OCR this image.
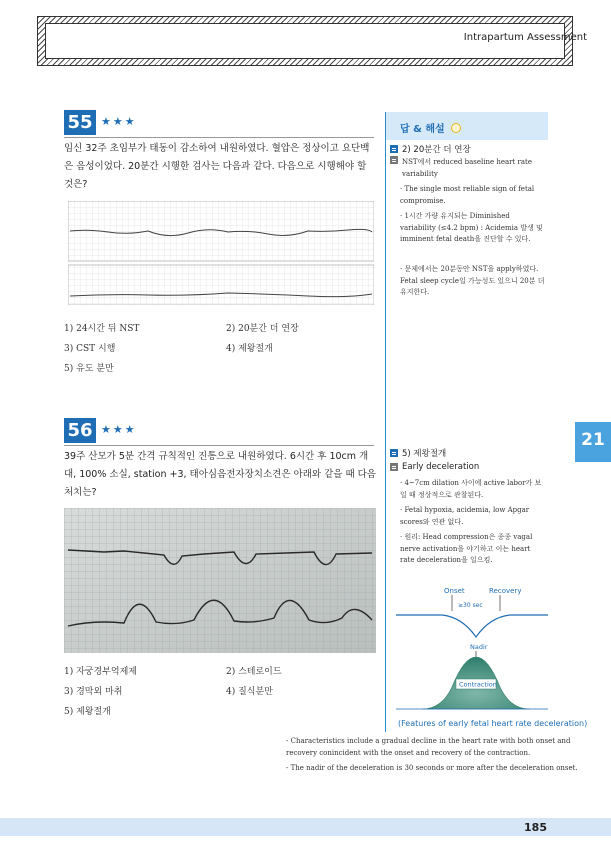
Intrapartum Assessment
55 ★★★
임신 32주 초임부가 태동이 감소하여 내원하였다. 혈압은 정상이고 요단백은 음성이었다. 20분간 시행한 검사는 다음과 같다. 다음으로 시행해야 할 것은?
1) 24시간 뒤 NST	2) 20분간 더 연장
3) CST 시행	4) 제왕절개
5) 유도 분만
56 ★★★
39주 산모가 5분 간격 규칙적인 진통으로 내원하였다. 6시간 후 10cm 개대, 100% 소실, station +3, 태아심음전자장치소견은 아래와 같을 때 다음 처치는?
1) 자궁경부억제제	2) 스테로이드
3) 경막외 마취	4) 질식분만
5) 제왕절개
답 & 해설
2) 20분간 더 연장
NST에서 reduced baseline heart rate variability
· The single most reliable sign of fetal compromise.
· 1시간 가량 유지되는 Diminished variability (≤4.2 bpm) : Acidemia 발생 및 imminent fetal death을 진단할 수 있다.
· 문제에서는 20분동안 NST을 apply하였다. Fetal sleep cycle일 가능성도 있으니 20분 더 유지한다.
5) 제왕절개
Early deceleration
· 4~7cm dilation 사이에 active labor가 보일 때 정상적으로 관찰된다.
· Fetal hypoxia, acidemia, low Apgar scores와 연관 없다.
· 원리: Head compression은 종종 vagal nerve activation을 야기하고 이는 heart rate deceleration을 일으킴.
21
Onset	Recovery
≥30 sec
Nadir
Contraction
(Features of early fetal heart rate deceleration)
- Characteristics include a gradual decline in the heart rate with both onset and recovery conincident with the onset and recovery of the contraction.
- The nadir of the deceleration is 30 seconds or more after the deceleration onset.
185
